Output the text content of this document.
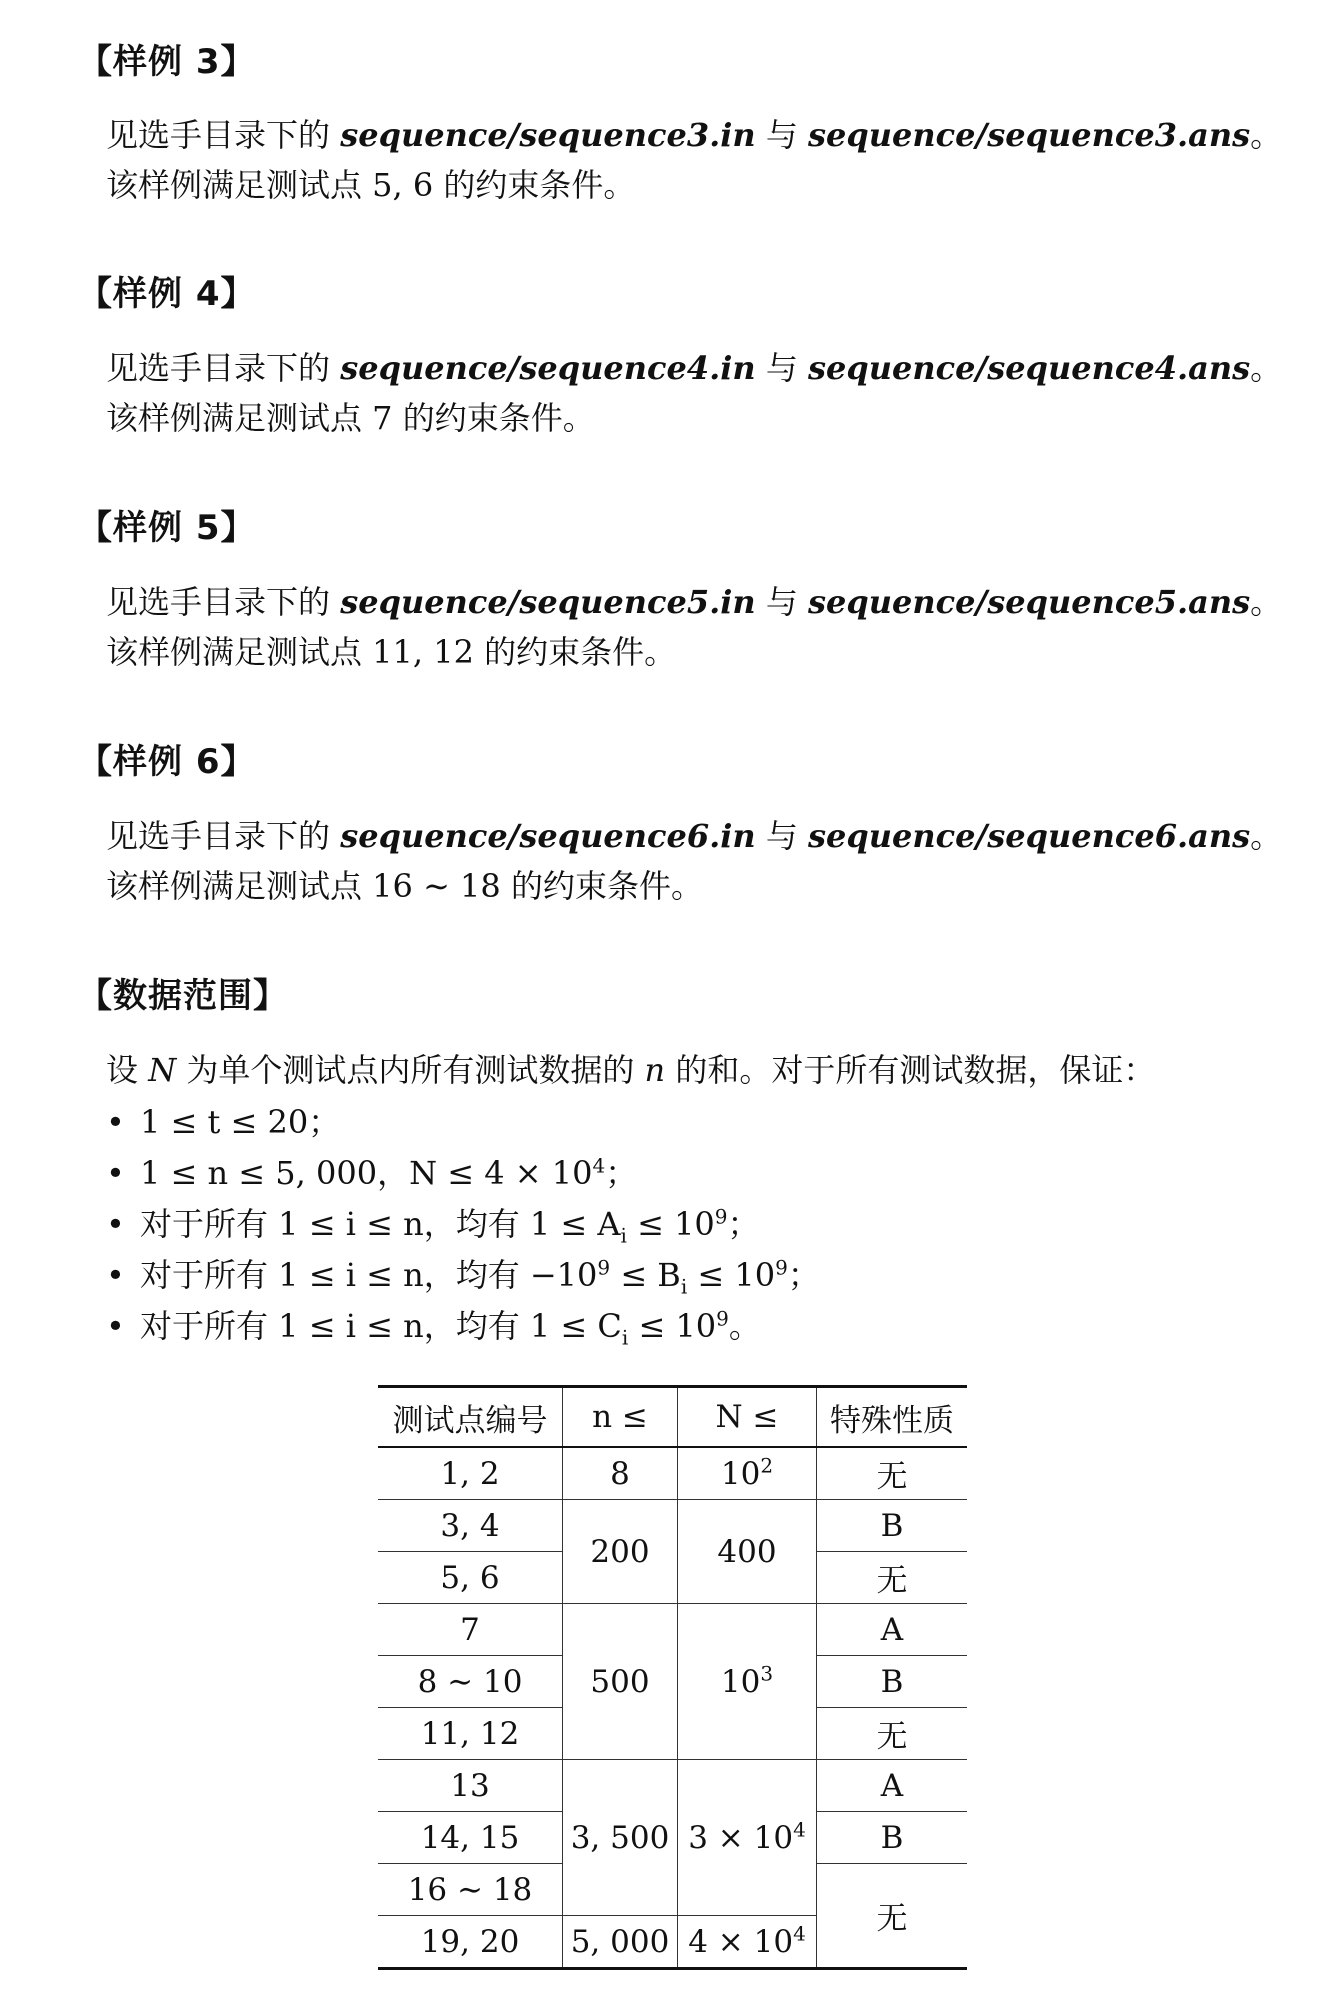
【样例 3】
见选手目录下的 sequence/sequence3.in 与 sequence/sequence3.ans。
该样例满足测试点 5, 6 的约束条件。
【样例 4】
见选手目录下的 sequence/sequence4.in 与 sequence/sequence4.ans。
该样例满足测试点 7 的约束条件。
【样例 5】
见选手目录下的 sequence/sequence5.in 与 sequence/sequence5.ans。
该样例满足测试点 11, 12 的约束条件。
【样例 6】
见选手目录下的 sequence/sequence6.in 与 sequence/sequence6.ans。
该样例满足测试点 16 ∼ 18 的约束条件。
【数据范围】
设 N 为单个测试点内所有测试数据的 n 的和。对于所有测试数据，保证：
• 1 ≤ t ≤ 20；
• 1 ≤ n ≤ 5, 000，$N \le 4 \times 10^4$；
• 对于所有 1 ≤ i ≤ n，均有 $1 \le A_i \le 10^9$；
• 对于所有 1 ≤ i ≤ n，均有 $-10^9 \le B_i \le 10^9$；
• 对于所有 1 ≤ i ≤ n，均有 $1 \le C_i \le 10^9$。
测试点编号	n ≤	N ≤	特殊性质
1, 2	8	$10^2$	无
3, 4	200	400	B
5, 6			无
7	500	$10^3$	A
8 ∼ 10			B
11, 12			无
13	3, 500	$3 \times 10^4$	A
14, 15			B
16 ∼ 18			无
19, 20	5, 000	$4 \times 10^4$
